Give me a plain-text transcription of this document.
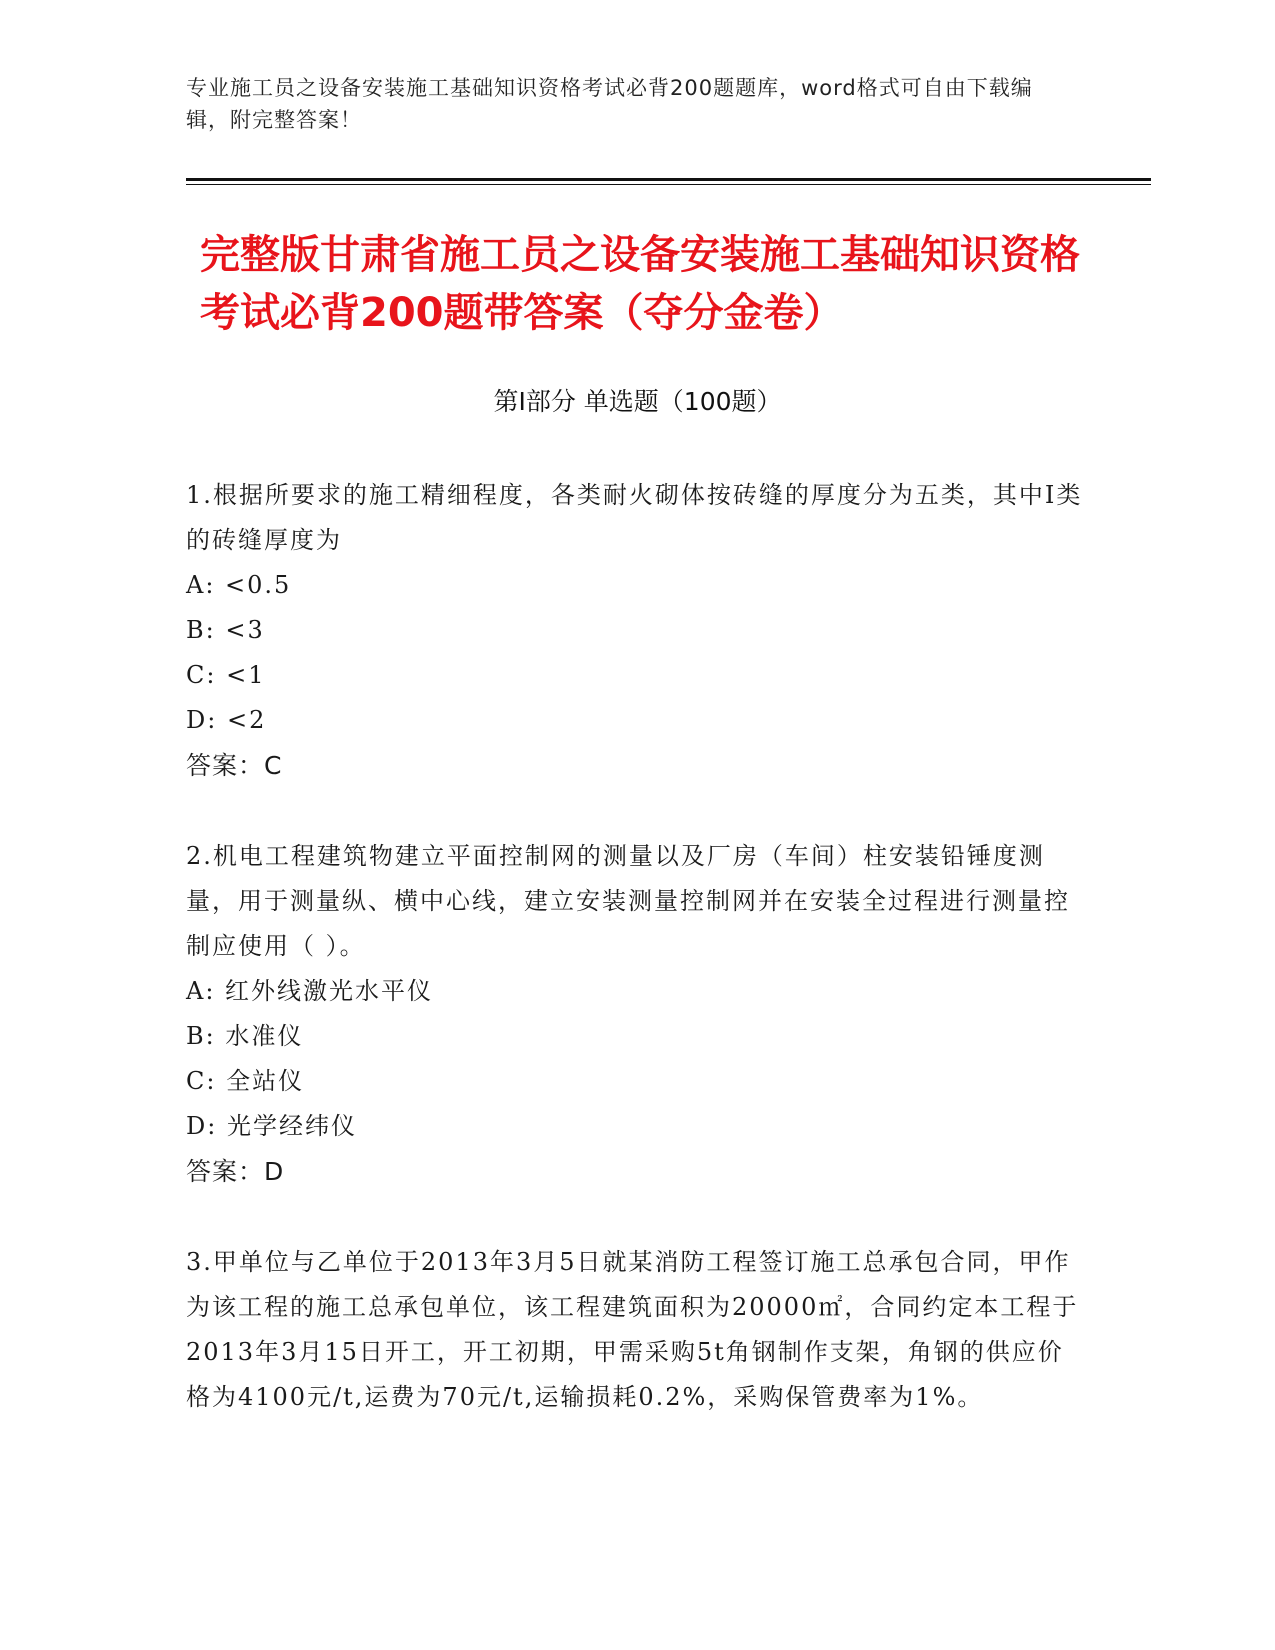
专业施工员之设备安装施工基础知识资格考试必背200题题库，word格式可自由下载编辑，附完整答案！
完整版甘肃省施工员之设备安装施工基础知识资格考试必背200题带答案（夺分金卷）
第Ⅰ部分 单选题（100题）

1.根据所要求的施工精细程度，各类耐火砌体按砖缝的厚度分为五类，其中Ⅰ类的砖缝厚度为

A: <0.5

B: <3

C: <1

D: <2

答案：C

2.机电工程建筑物建立平面控制网的测量以及厂房（车间）柱安装铅锤度测量，用于测量纵、横中心线，建立安装测量控制网并在安装全过程进行测量控制应使用（ ）。

A: 红外线激光水平仪

B: 水准仪

C: 全站仪

D: 光学经纬仪

答案：D

3.甲单位与乙单位于2013年3月5日就某消防工程签订施工总承包合同，甲作为该工程的施工总承包单位，该工程建筑面积为20000㎡，合同约定本工程于2013年3月15日开工，开工初期，甲需采购5t角钢制作支架，角钢的供应价格为4100元/t,运费为70元/t,运输损耗0.2%，采购保管费率为1%。
